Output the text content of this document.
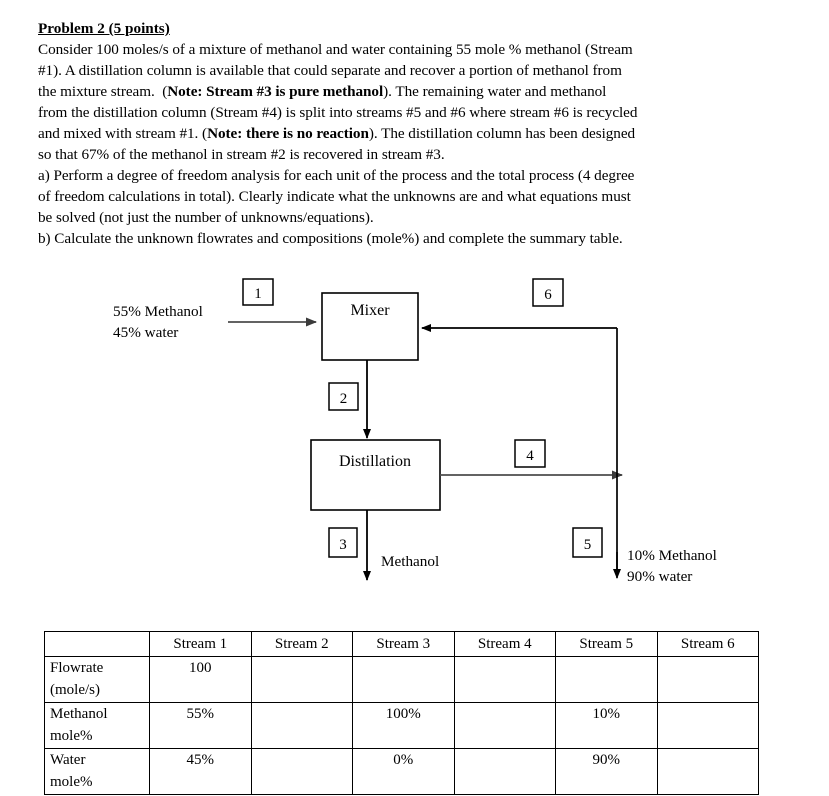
Problem 2 (5 points)
Consider 100 moles/s of a mixture of methanol and water containing 55 mole % methanol (Stream
#1). A distillation column is available that could separate and recover a portion of methanol from
the mixture stream.  (Note: Stream #3 is pure methanol). The remaining water and methanol
from the distillation column (Stream #4) is split into streams #5 and #6 where stream #6 is recycled
and mixed with stream #1. (Note: there is no reaction). The distillation column has been designed
so that 67% of the methanol in stream #2 is recovered in stream #3.
a) Perform a degree of freedom analysis for each unit of the process and the total process (4 degree
of freedom calculations in total). Clearly indicate what the unknowns are and what equations must
be solved (not just the number of unknowns/equations).
b) Calculate the unknown flowrates and compositions (mole%) and complete the summary table.
Mixer
Distillation
1
55% Methanol
45% water
2
3
Methanol
4
5
10% Methanol
90% water
6
	Stream 1	Stream 2	Stream 3	Stream 4	Stream 5	Stream 6
Flowrate
(mole/s)	100					
Methanol
mole%	55%		100%		10%	
Water
mole%	45%		0%		90%	
